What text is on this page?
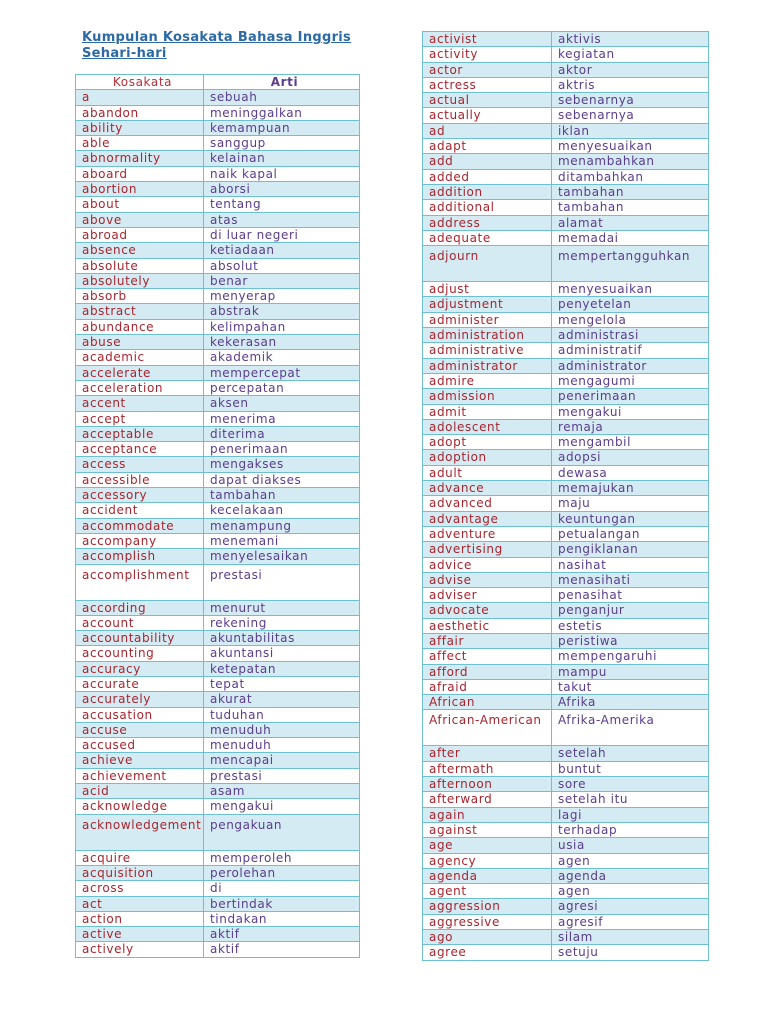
Kumpulan Kosakata Bahasa Inggris
Sehari-hari
Kosakata	Arti
a	sebuah
abandon	meninggalkan
ability	kemampuan
able	sanggup
abnormality	kelainan
aboard	naik kapal
abortion	aborsi
about	tentang
above	atas
abroad	di luar negeri
absence	ketiadaan
absolute	absolut
absolutely	benar
absorb	menyerap
abstract	abstrak
abundance	kelimpahan
abuse	kekerasan
academic	akademik
accelerate	mempercepat
acceleration	percepatan
accent	aksen
accept	menerima
acceptable	diterima
acceptance	penerimaan
access	mengakses
accessible	dapat diakses
accessory	tambahan
accident	kecelakaan
accommodate	menampung
accompany	menemani
accomplish	menyelesaikan
accomplishment	prestasi
according	menurut
account	rekening
accountability	akuntabilitas
accounting	akuntansi
accuracy	ketepatan
accurate	tepat
accurately	akurat
accusation	tuduhan
accuse	menuduh
accused	menuduh
achieve	mencapai
achievement	prestasi
acid	asam
acknowledge	mengakui
acknowledgement	pengakuan
acquire	memperoleh
acquisition	perolehan
across	di
act	bertindak
action	tindakan
active	aktif
actively	aktif
activist	aktivis
activity	kegiatan
actor	aktor
actress	aktris
actual	sebenarnya
actually	sebenarnya
ad	iklan
adapt	menyesuaikan
add	menambahkan
added	ditambahkan
addition	tambahan
additional	tambahan
address	alamat
adequate	memadai
adjourn	mempertangguhkan
adjust	menyesuaikan
adjustment	penyetelan
administer	mengelola
administration	administrasi
administrative	administratif
administrator	administrator
admire	mengagumi
admission	penerimaan
admit	mengakui
adolescent	remaja
adopt	mengambil
adoption	adopsi
adult	dewasa
advance	memajukan
advanced	maju
advantage	keuntungan
adventure	petualangan
advertising	pengiklanan
advice	nasihat
advise	menasihati
adviser	penasihat
advocate	penganjur
aesthetic	estetis
affair	peristiwa
affect	mempengaruhi
afford	mampu
afraid	takut
African	Afrika
African-American	Afrika-Amerika
after	setelah
aftermath	buntut
afternoon	sore
afterward	setelah itu
again	lagi
against	terhadap
age	usia
agency	agen
agenda	agenda
agent	agen
aggression	agresi
aggressive	agresif
ago	silam
agree	setuju
